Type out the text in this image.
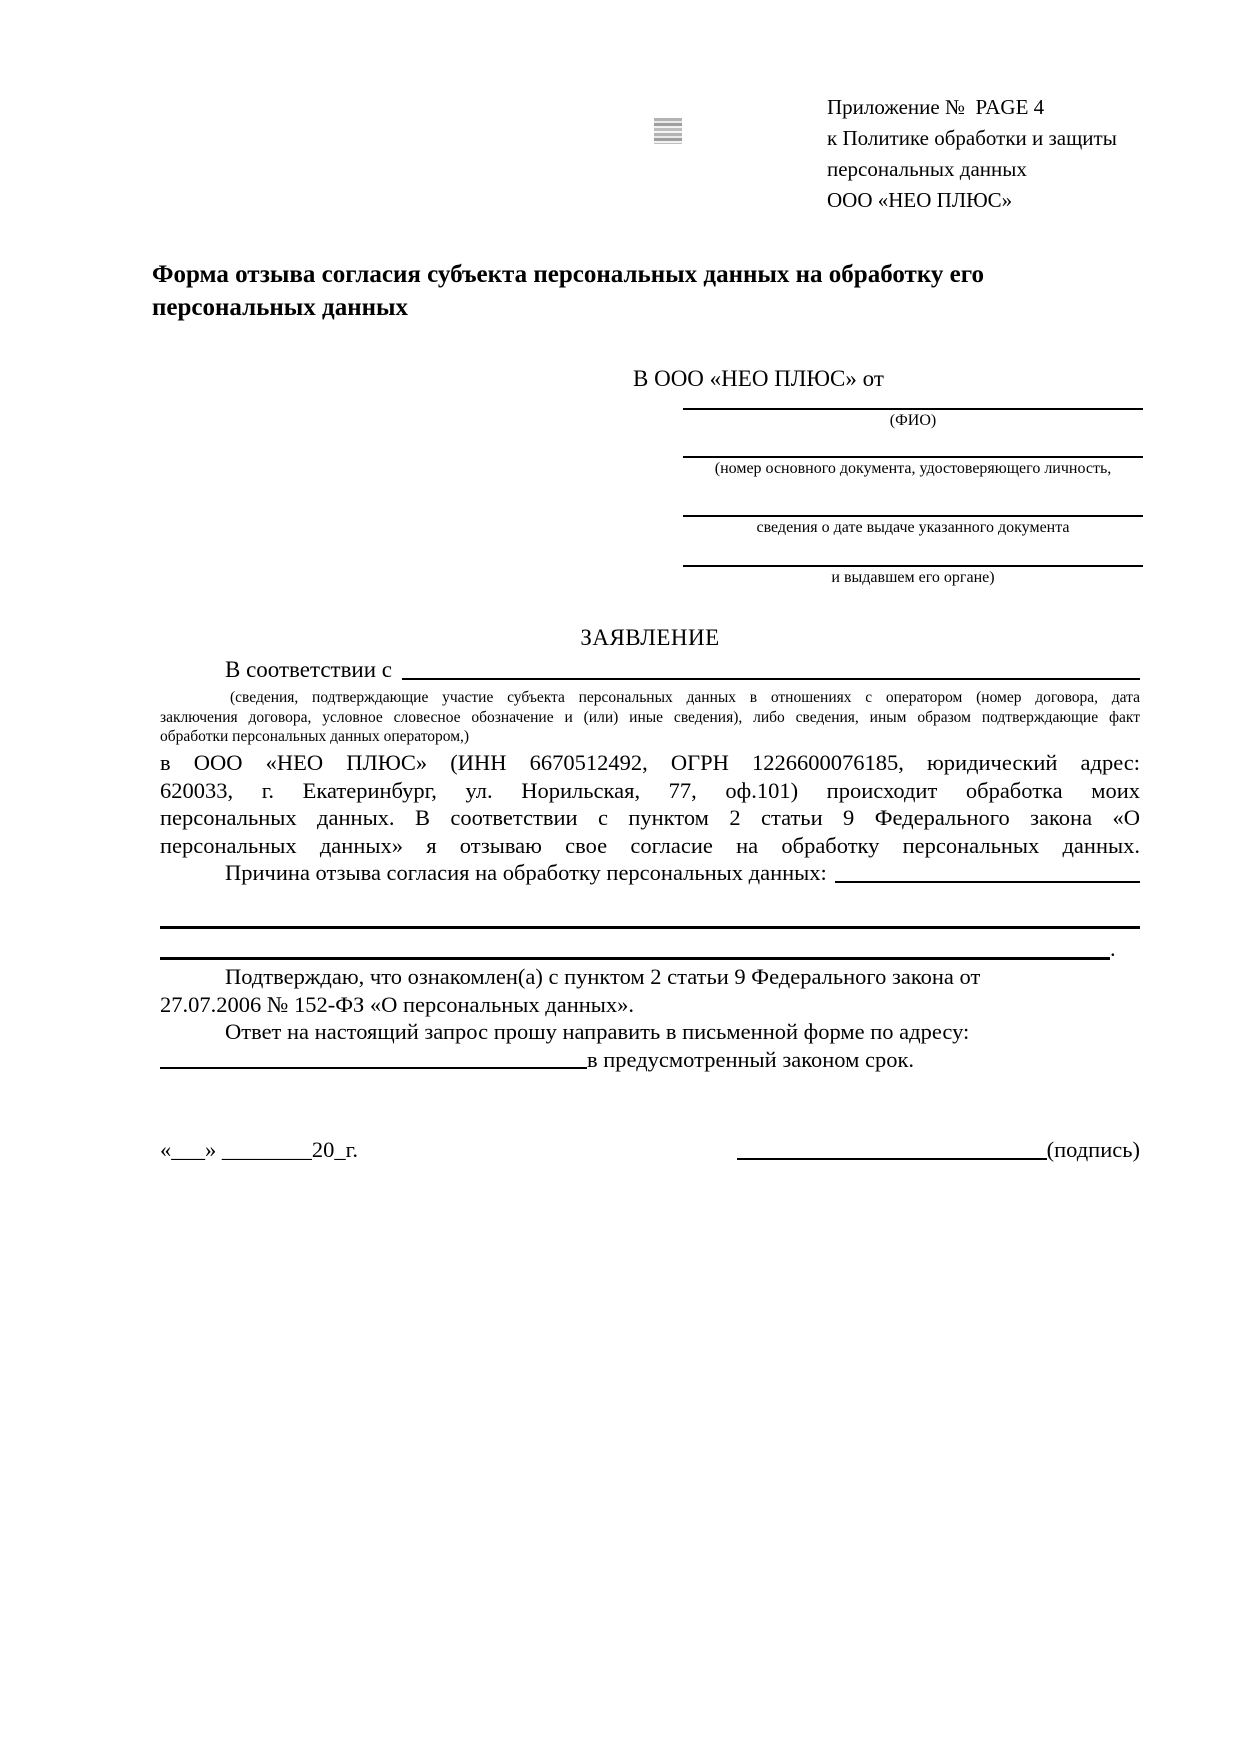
Приложение №  PAGE 4
к Политике обработки и защиты
персональных данных
ООО «НЕО ПЛЮС»
Форма отзыва согласия субъекта персональных данных на обработку его
персональных данных
В ООО «НЕО ПЛЮС» от
(ФИО)
(номер основного документа, удостоверяющего личность,
сведения о дате выдаче указанного документа
и выдавшем его органе)
ЗАЯВЛЕНИЕ
В соответствии с
(сведения, подтверждающие участие субъекта персональных данных в отношениях с оператором (номер договора, дата
заключения договора, условное словесное обозначение и (или) иные сведения), либо сведения, иным образом подтверждающие факт
обработки персональных данных оператором,)
в ООО «НЕО ПЛЮС» (ИНН 6670512492, ОГРН 1226600076185, юридический адрес:
620033, г. Екатеринбург, ул. Норильская, 77, оф.101) происходит обработка моих
персональных данных. В соответствии с пунктом 2 статьи 9 Федерального закона «О
персональных данных» я отзываю свое согласие на обработку персональных данных.
Причина отзыва согласия на обработку персональных данных:
.
Подтверждаю, что ознакомлен(а) с пунктом 2 статьи 9 Федерального закона от
27.07.2006 № 152-ФЗ «О персональных данных».
Ответ на настоящий запрос прошу направить в письменной форме по адресу:
в предусмотренный законом срок.
«___» ________20_г.	(подпись)
